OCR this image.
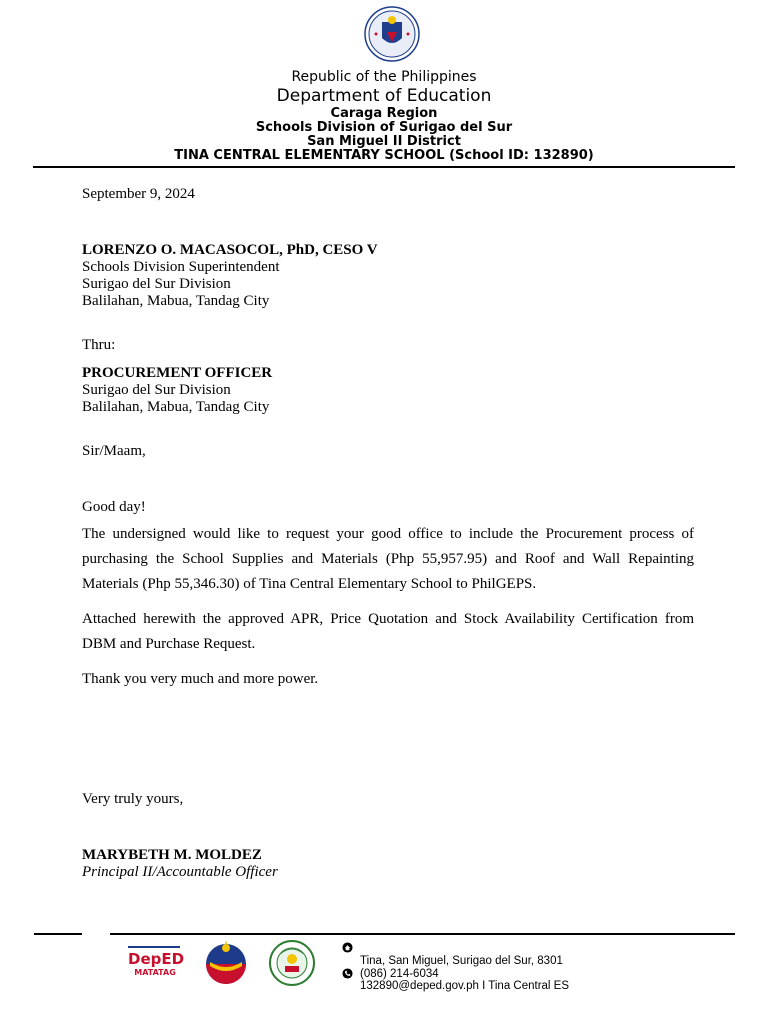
Republic of the Philippines
Department of Education
Caraga Region
Schools Division of Surigao del Sur
San Miguel II District
TINA CENTRAL ELEMENTARY SCHOOL (School ID: 132890)
September 9, 2024
LORENZO O. MACASOCOL, PhD, CESO V
Schools Division Superintendent
Surigao del Sur Division
Balilahan, Mabua, Tandag City
Thru:
PROCUREMENT OFFICER
Surigao del Sur Division
Balilahan, Mabua, Tandag City
Sir/Maam,
Good day!
The undersigned would like to request your good office to include the Procurement process of purchasing the School Supplies and Materials (Php 55,957.95) and Roof and Wall Repainting Materials (Php 55,346.30) of Tina Central Elementary School to PhilGEPS.
Attached herewith the approved APR, Price Quotation and Stock Availability Certification from DBM and Purchase Request.
Thank you very much and more power.
Very truly yours,
MARYBETH M. MOLDEZ
Principal II/Accountable Officer
DepED
MATATAG
Tina, San Miguel, Surigao del Sur, 8301
(086) 214-6034
132890@deped.gov.ph I Tina Central ES
